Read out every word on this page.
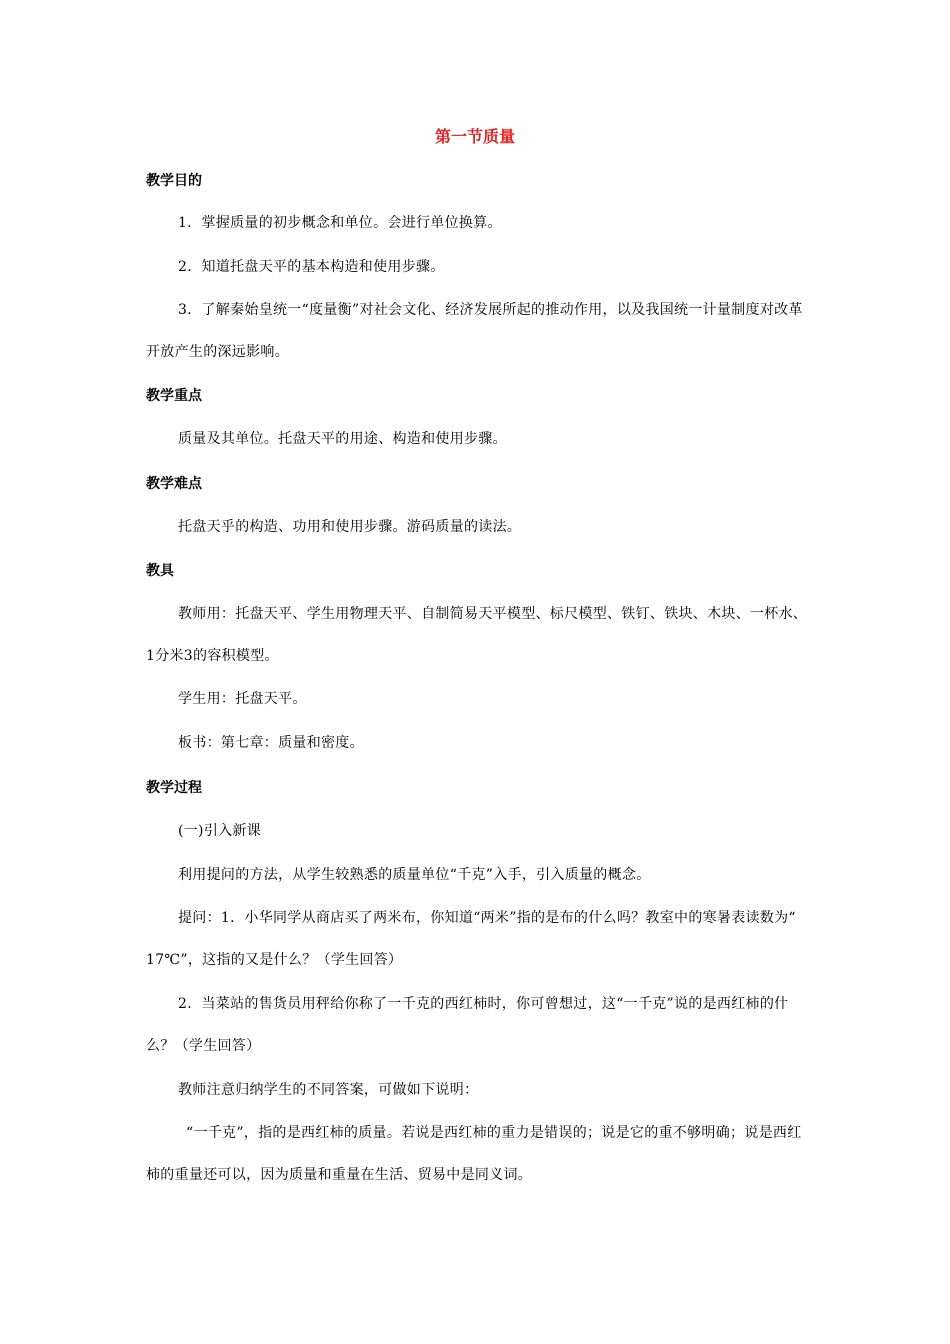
第一节质量
教学目的
1．掌握质量的初步概念和单位。会进行单位换算。
2．知道托盘天平的基本构造和使用步骤。
3．了解秦始皇统一“度量衡”对社会文化、经济发展所起的推动作用，以及我国统一计量制度对改革开放产生的深远影响。
教学重点
质量及其单位。托盘天平的用途、构造和使用步骤。
教学难点
托盘天乎的构造、功用和使用步骤。游码质量的读法。
教具
教师用：托盘天平、学生用物理天平、自制简易天平模型、标尺模型、铁钉、铁块、木块、一杯水、1分米3的容积模型。
学生用：托盘天平。
板书：第七章：质量和密度。
教学过程
(一)引入新课
利用提问的方法，从学生较熟悉的质量单位“千克”入手，引入质量的概念。
提问：1．小华同学从商店买了两米布，你知道“两米”指的是布的什么吗？教室中的寒暑表读数为“ 17℃”，这指的又是什么？（学生回答）
2．当菜站的售货员用秤给你称了一千克的西红柿时，你可曾想过，这“一千克”说的是西红柿的什么？（学生回答）
教师注意归纳学生的不同答案，可做如下说明：
“一千克”，指的是西红柿的质量。若说是西红柿的重力是错误的；说是它的重不够明确；说是西红柿的重量还可以，因为质量和重量在生活、贸易中是同义词。
